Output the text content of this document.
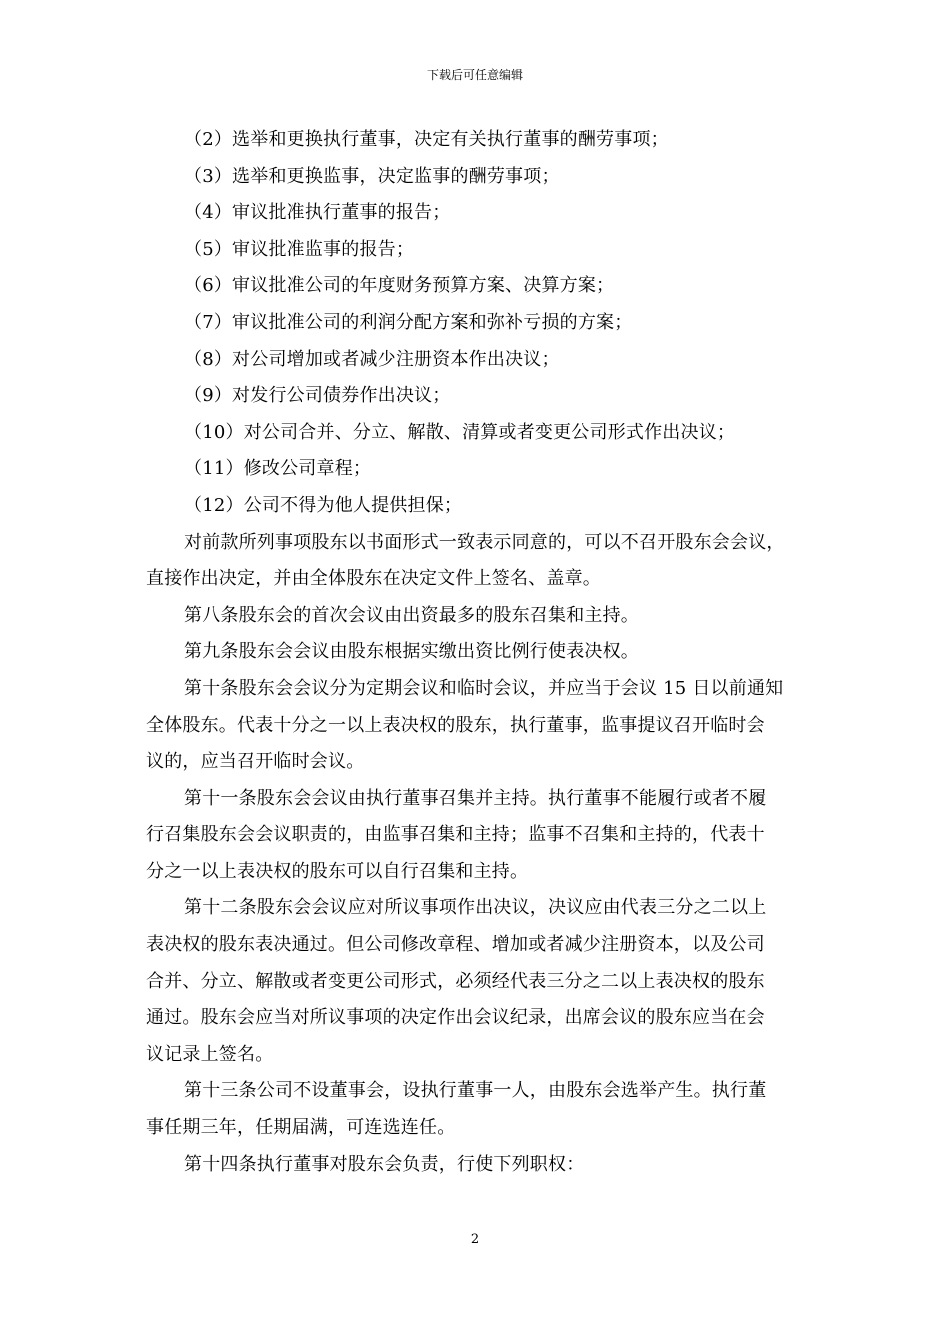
下载后可任意编辑
（2）选举和更换执行董事，决定有关执行董事的酬劳事项；
（3）选举和更换监事，决定监事的酬劳事项；
（4）审议批准执行董事的报告；
（5）审议批准监事的报告；
（6）审议批准公司的年度财务预算方案、决算方案；
（7）审议批准公司的利润分配方案和弥补亏损的方案；
（8）对公司增加或者减少注册资本作出决议；
（9）对发行公司债券作出决议；
（10）对公司合并、分立、解散、清算或者变更公司形式作出决议；
（11）修改公司章程；
（12）公司不得为他人提供担保；
对前款所列事项股东以书面形式一致表示同意的，可以不召开股东会会议，
直接作出决定，并由全体股东在决定文件上签名、盖章。
第八条股东会的首次会议由出资最多的股东召集和主持。
第九条股东会会议由股东根据实缴出资比例行使表决权。
第十条股东会会议分为定期会议和临时会议，并应当于会议 15 日以前通知
全体股东。代表十分之一以上表决权的股东，执行董事，监事提议召开临时会
议的，应当召开临时会议。
第十一条股东会会议由执行董事召集并主持。执行董事不能履行或者不履
行召集股东会会议职责的，由监事召集和主持；监事不召集和主持的，代表十
分之一以上表决权的股东可以自行召集和主持。
第十二条股东会会议应对所议事项作出决议，决议应由代表三分之二以上
表决权的股东表决通过。但公司修改章程、增加或者减少注册资本，以及公司
合并、分立、解散或者变更公司形式，必须经代表三分之二以上表决权的股东
通过。股东会应当对所议事项的决定作出会议纪录，出席会议的股东应当在会
议记录上签名。
第十三条公司不设董事会，设执行董事一人，由股东会选举产生。执行董
事任期三年，任期届满，可连选连任。
第十四条执行董事对股东会负责，行使下列职权：
2
